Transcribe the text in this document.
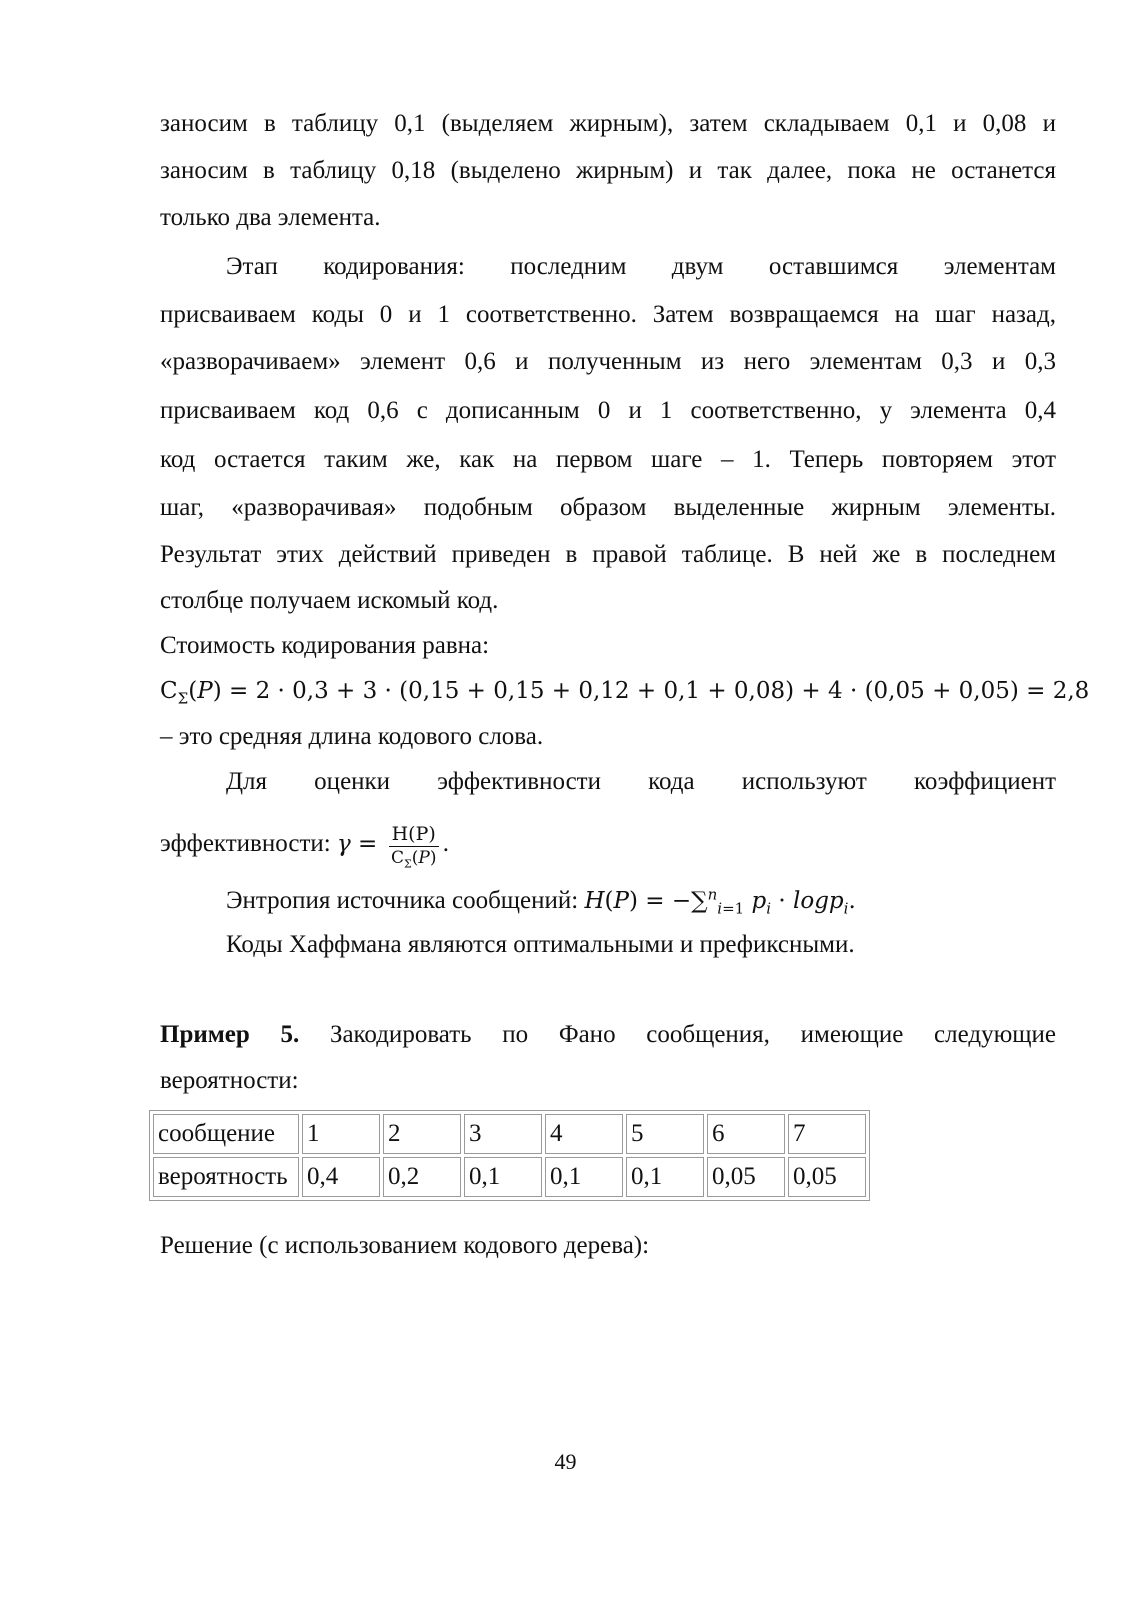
заносим в таблицу 0,1 (выделяем жирным), затем складываем 0,1 и 0,08 и
заносим в таблицу 0,18 (выделено жирным) и так далее, пока не останется
только два элемента.
Этап кодирования: последним двум оставшимся элементам
присваиваем коды 0 и 1 соответственно. Затем возвращаемся на шаг назад,
«разворачиваем» элемент 0,6 и полученным из него элементам 0,3 и 0,3
присваиваем код 0,6 с дописанным 0 и 1 соответственно, у элемента 0,4
код остается таким же, как на первом шаге – 1. Теперь повторяем этот
шаг, «разворачивая» подобным образом выделенные жирным элементы.
Результат этих действий приведен в правой таблице. В ней же в последнем
столбце получаем искомый код.
Стоимость кодирования равна:
$C_\Sigma(P) = 2 \cdot 0,3 + 3 \cdot (0,15 + 0,15 + 0,12 + 0,1 + 0,08) + 4 \cdot (0,05 + 0,05) = 2,8$
– это средняя длина кодового слова.
Для оценки эффективности кода используют коэффициент
эффективности: $\gamma = \frac{H(P)}{C_\Sigma(P)}$ .
Энтропия источника сообщений: H(P) = −∑$^n_{i=1}$ $p_i \cdot \log p_i$.
Коды Хаффмана являются оптимальными и префиксными.
Пример 5. Закодировать по Фано сообщения, имеющие следующие
вероятности:
сообщение	1	2	3	4	5	6	7
вероятность	0,4	0,2	0,1	0,1	0,1	0,05	0,05
Решение (с использованием кодового дерева):
49
